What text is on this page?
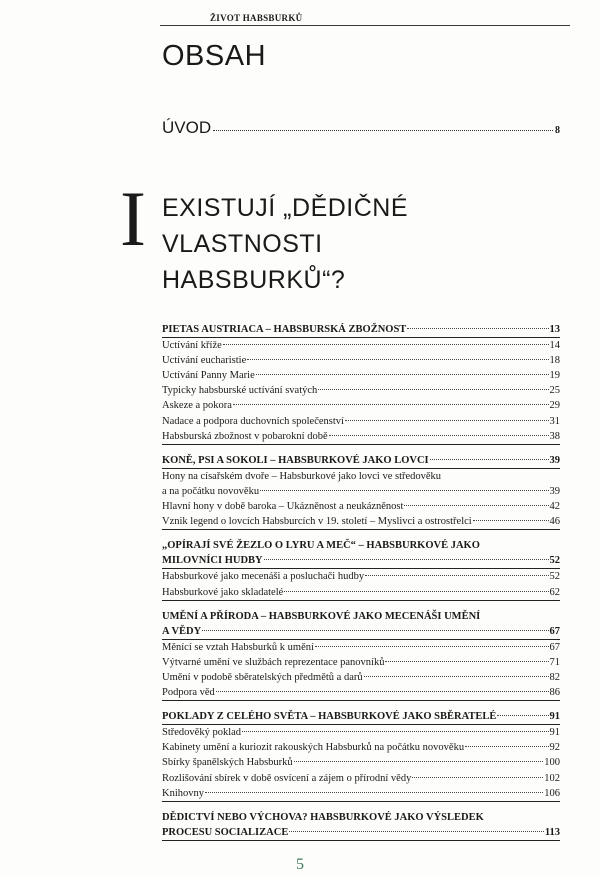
ŽIVOT HABSBURKŮ
OBSAH
ÚVOD	8
I EXISTUJÍ „DĚDIČNÉ
VLASTNOSTI
HABSBURKŮ“?
PIETAS AUSTRIACA – HABSBURSKÁ ZBOŽNOST	13
Uctívání kříže	14
Uctívání eucharistie	18
Uctívání Panny Marie	19
Typicky habsburské uctívání svatých	25
Askeze a pokora	29
Nadace a podpora duchovních společenství	31
Habsburská zbožnost v pobarokní době	38
KONĚ, PSI A SOKOLI – HABSBURKOVÉ JAKO LOVCI	39
Hony na císařském dvoře – Habsburkové jako lovci ve středověku
a na počátku novověku	39
Hlavní hony v době baroka – Ukázněnost a neukázněnost	42
Vznik legend o lovcích Habsburcích v 19. století – Myslivci a ostrostřelci	46
„OPÍRAJÍ SVÉ ŽEZLO O LYRU A MEČ“ – HABSBURKOVÉ JAKO
MILOVNÍCI HUDBY	52
Habsburkové jako mecenáši a posluchači hudby	52
Habsburkové jako skladatelé	62
UMĚNÍ A PŘÍRODA – HABSBURKOVÉ JAKO MECENÁŠI UMĚNÍ
A VĚDY	67
Měnící se vztah Habsburků k umění	67
Výtvarné umění ve službách reprezentace panovníků	71
Umění v podobě sběratelských předmětů a darů	82
Podpora věd	86
POKLADY Z CELÉHO SVĚTA – HABSBURKOVÉ JAKO SBĚRATELÉ	91
Středověký poklad	91
Kabinety umění a kuriozit rakouských Habsburků na počátku novověku	92
Sbírky španělských Habsburků	100
Rozlišování sbírek v době osvícení a zájem o přírodní vědy	102
Knihovny	106
DĚDICTVÍ NEBO VÝCHOVA? HABSBURKOVÉ JAKO VÝSLEDEK
PROCESU SOCIALIZACE	113
5
